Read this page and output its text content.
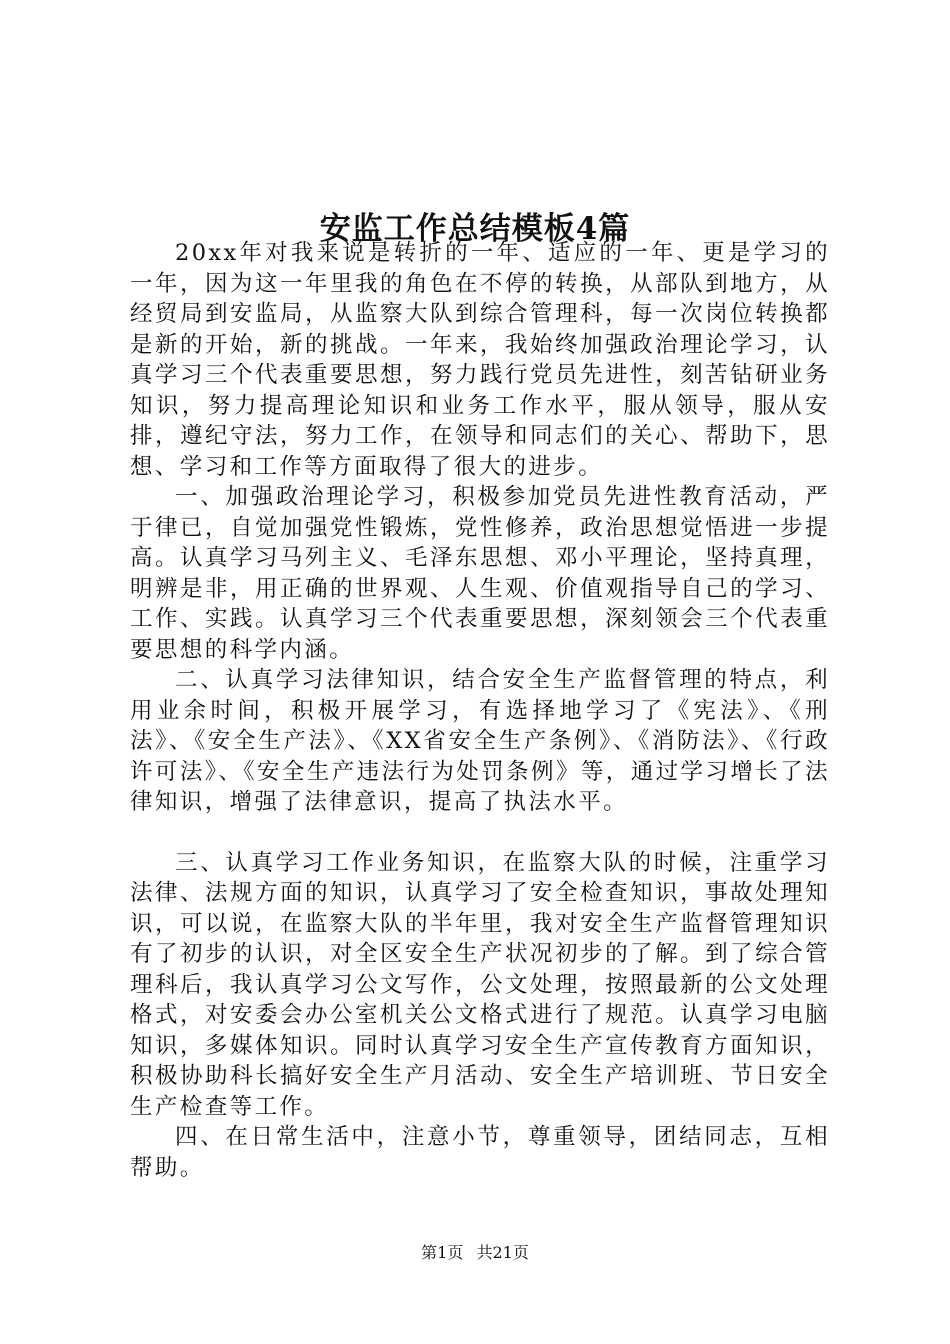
安监工作总结模板4篇

20xx年对我来说是转折的一年、适应的一年、更是学习的一年，因为这一年里我的角色在不停的转换，从部队到地方，从经贸局到安监局，从监察大队到综合管理科，每一次岗位转换都是新的开始，新的挑战。一年来，我始终加强政治理论学习，认真学习三个代表重要思想，努力践行党员先进性，刻苦钻研业务知识，努力提高理论知识和业务工作水平，服从领导，服从安排，遵纪守法，努力工作，在领导和同志们的关心、帮助下，思想、学习和工作等方面取得了很大的进步。

一、加强政治理论学习，积极参加党员先进性教育活动，严于律已，自觉加强党性锻炼，党性修养，政治思想觉悟进一步提高。认真学习马列主义、毛泽东思想、邓小平理论，坚持真理，明辨是非，用正确的世界观、人生观、价值观指导自己的学习、工作、实践。认真学习三个代表重要思想，深刻领会三个代表重要思想的科学内涵。

二、认真学习法律知识，结合安全生产监督管理的特点，利用业余时间，积极开展学习，有选择地学习了《宪法》、《刑法》、《安全生产法》、《XX省安全生产条例》、《消防法》、《行政许可法》、《安全生产违法行为处罚条例》等，通过学习增长了法律知识，增强了法律意识，提高了执法水平。

三、认真学习工作业务知识，在监察大队的时候，注重学习法律、法规方面的知识，认真学习了安全检查知识，事故处理知识，可以说，在监察大队的半年里，我对安全生产监督管理知识有了初步的认识，对全区安全生产状况初步的了解。到了综合管理科后，我认真学习公文写作，公文处理，按照最新的公文处理格式，对安委会办公室机关公文格式进行了规范。认真学习电脑知识，多媒体知识。同时认真学习安全生产宣传教育方面知识，积极协助科长搞好安全生产月活动、安全生产培训班、节日安全生产检查等工作。

四、在日常生活中，注意小节，尊重领导，团结同志，互相帮助。

第1页 共21页
